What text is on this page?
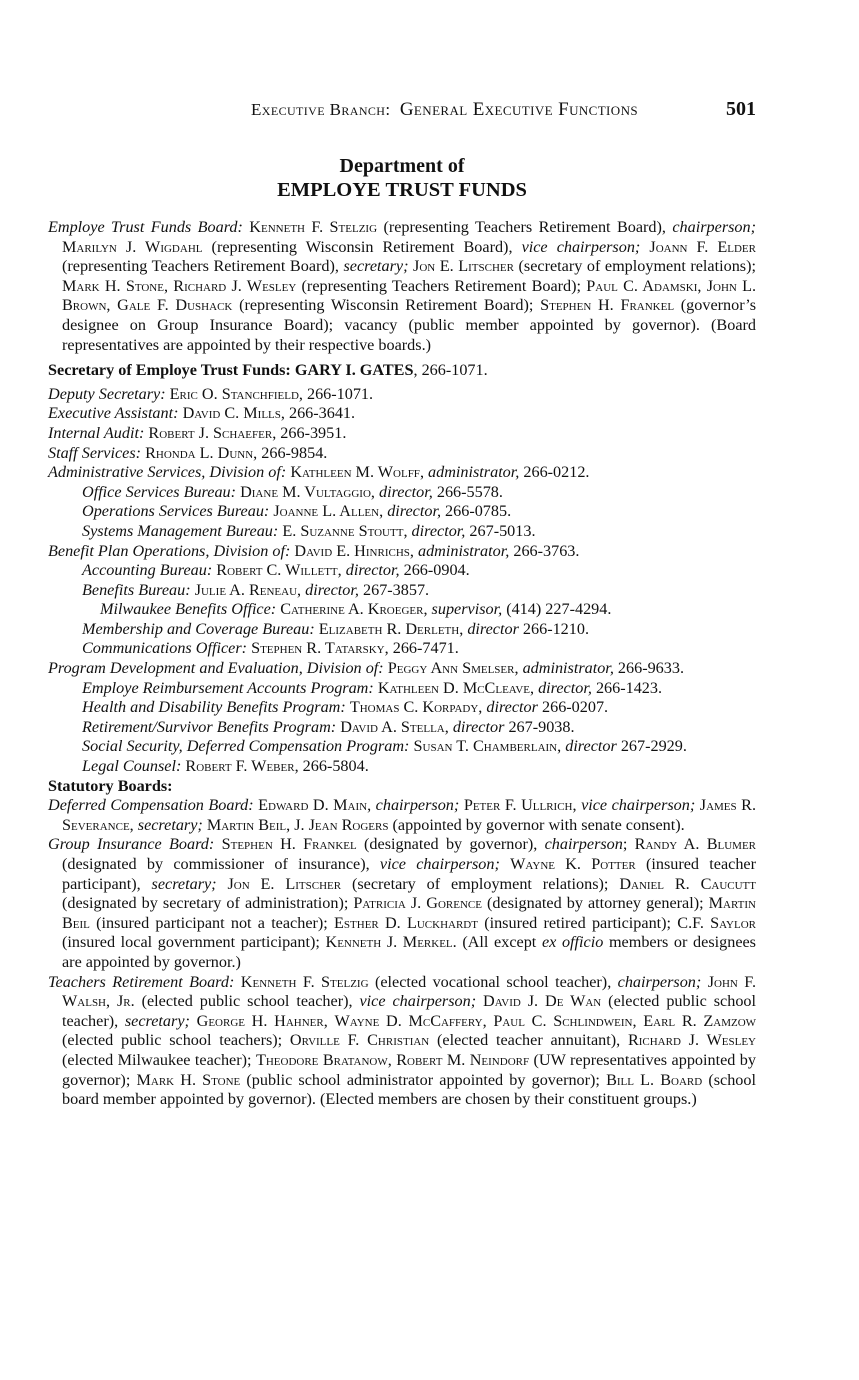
Executive Branch: General Executive Functions	501
Department of
EMPLOYE TRUST FUNDS

Employe Trust Funds Board: Kenneth F. Stelzig (representing Teachers Retirement Board), chairperson; Marilyn J. Wigdahl (representing Wisconsin Retirement Board), vice chairperson; Joann F. Elder (representing Teachers Retirement Board), secretary; Jon E. Litscher (secretary of employment relations); Mark H. Stone, Richard J. Wesley (representing Teachers Retirement Board); Paul C. Adamski, John L. Brown, Gale F. Dushack (representing Wisconsin Retirement Board); Stephen H. Frankel (governor’s designee on Group Insurance Board); vacancy (public member appointed by governor). (Board representatives are appointed by their respective boards.)

Secretary of Employe Trust Funds: GARY I. GATES, 266-1071.

Deputy Secretary: Eric O. Stanchfield, 266-1071.

Executive Assistant: David C. Mills, 266-3641.

Internal Audit: Robert J. Schaefer, 266-3951.

Staff Services: Rhonda L. Dunn, 266-9854.

Administrative Services, Division of: Kathleen M. Wolff, administrator, 266-0212.

Office Services Bureau: Diane M. Vultaggio, director, 266-5578.

Operations Services Bureau: Joanne L. Allen, director, 266-0785.

Systems Management Bureau: E. Suzanne Stoutt, director, 267-5013.

Benefit Plan Operations, Division of: David E. Hinrichs, administrator, 266-3763.

Accounting Bureau: Robert C. Willett, director, 266-0904.

Benefits Bureau: Julie A. Reneau, director, 267-3857.

Milwaukee Benefits Office: Catherine A. Kroeger, supervisor, (414) 227-4294.

Membership and Coverage Bureau: Elizabeth R. Derleth, director 266-1210.

Communications Officer: Stephen R. Tatarsky, 266-7471.

Program Development and Evaluation, Division of: Peggy Ann Smelser, administrator, 266-9633.

Employe Reimbursement Accounts Program: Kathleen D. McCleave, director, 266-1423.

Health and Disability Benefits Program: Thomas C. Korpady, director 266-0207.

Retirement/Survivor Benefits Program: David A. Stella, director 267-9038.

Social Security, Deferred Compensation Program: Susan T. Chamberlain, director 267-2929.

Legal Counsel: Robert F. Weber, 266-5804.

Statutory Boards:

Deferred Compensation Board: Edward D. Main, chairperson; Peter F. Ullrich, vice chairperson; James R. Severance, secretary; Martin Beil, J. Jean Rogers (appointed by governor with senate consent).

Group Insurance Board: Stephen H. Frankel (designated by governor), chairperson; Randy A. Blumer (designated by commissioner of insurance), vice chairperson; Wayne K. Potter (insured teacher participant), secretary; Jon E. Litscher (secretary of employment relations); Daniel R. Caucutt (designated by secretary of administration); Patricia J. Gorence (designated by attorney general); Martin Beil (insured participant not a teacher); Esther D. Luckhardt (insured retired participant); C.F. Saylor (insured local government participant); Kenneth J. Merkel. (All except ex officio members or designees are appointed by governor.)

Teachers Retirement Board: Kenneth F. Stelzig (elected vocational school teacher), chairperson; John F. Walsh, Jr. (elected public school teacher), vice chairperson; David J. De Wan (elected public school teacher), secretary; George H. Hahner, Wayne D. McCaffery, Paul C. Schlindwein, Earl R. Zamzow (elected public school teachers); Orville F. Christian (elected teacher annuitant), Richard J. Wesley (elected Milwaukee teacher); Theodore Bratanow, Robert M. Neindorf (UW representatives appointed by governor); Mark H. Stone (public school administrator appointed by governor); Bill L. Board (school board member appointed by governor). (Elected members are chosen by their constituent groups.)
